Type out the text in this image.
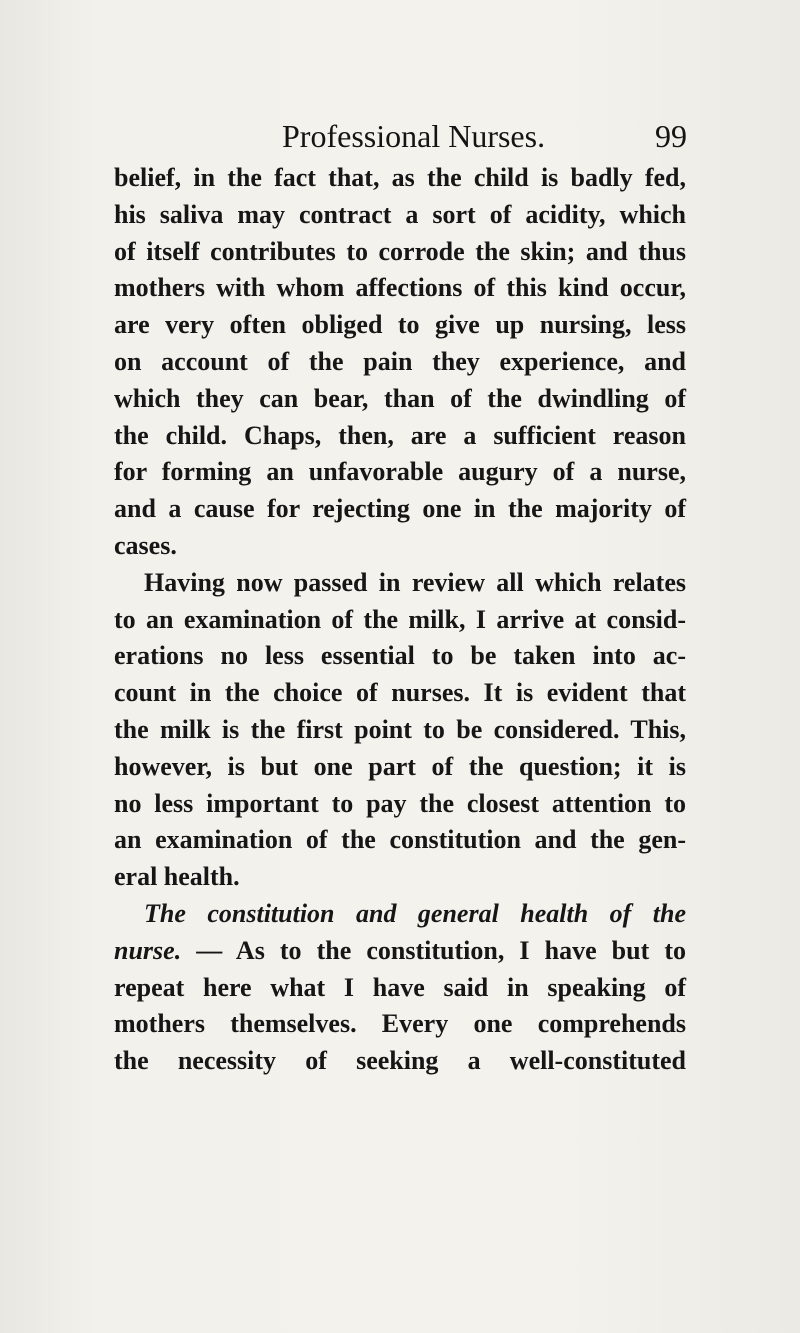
Professional Nurses.	99
belief, in the fact that, as the child is badly fed,
his saliva may contract a sort of acidity, which
of itself contributes to corrode the skin; and thus
mothers with whom affections of this kind occur,
are very often obliged to give up nursing, less
on account of the pain they experience, and
which they can bear, than of the dwindling of
the child. Chaps, then, are a sufficient reason
for forming an unfavorable augury of a nurse,
and a cause for rejecting one in the majority of
cases.
Having now passed in review all which relates
to an examination of the milk, I arrive at consid-
erations no less essential to be taken into ac-
count in the choice of nurses. It is evident that
the milk is the first point to be considered. This,
however, is but one part of the question; it is
no less important to pay the closest attention to
an examination of the constitution and the gen-
eral health.
The constitution and general health of the
nurse. — As to the constitution, I have but to
repeat here what I have said in speaking of
mothers themselves. Every one comprehends
the necessity of seeking a well-constituted
